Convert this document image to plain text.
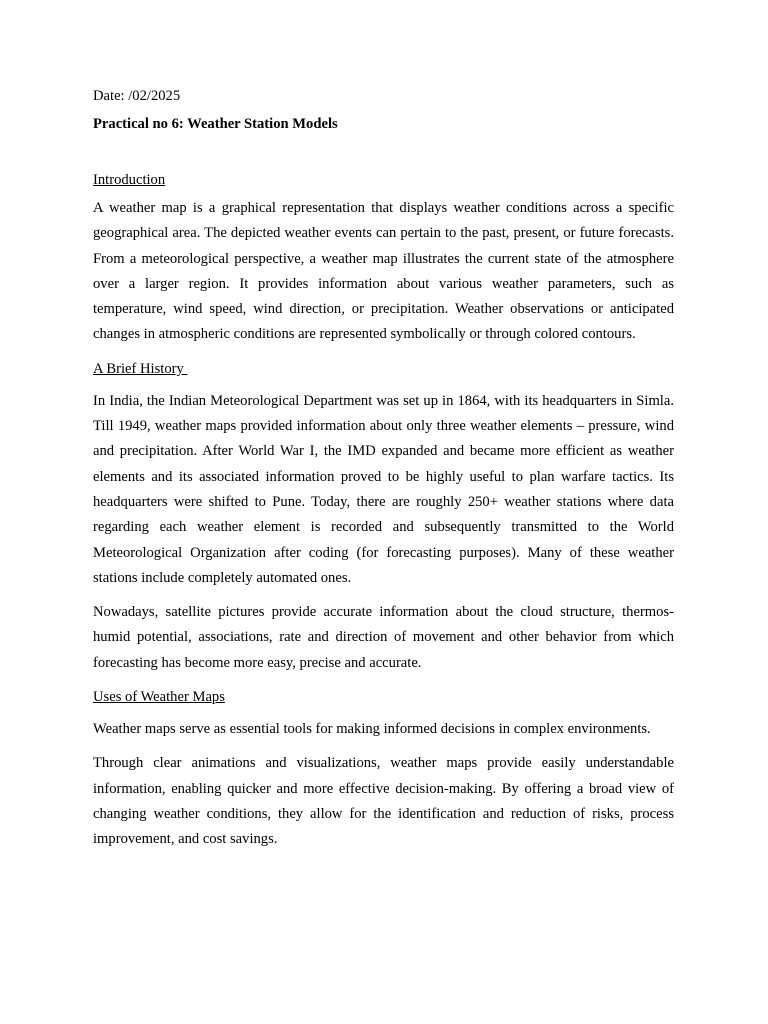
Date: /02/2025

Practical no 6: Weather Station Models

Introduction

A weather map is a graphical representation that displays weather conditions across a specific geographical area. The depicted weather events can pertain to the past, present, or future forecasts. From a meteorological perspective, a weather map illustrates the current state of the atmosphere over a larger region. It provides information about various weather parameters, such as temperature, wind speed, wind direction, or precipitation. Weather observations or anticipated changes in atmospheric conditions are represented symbolically or through colored contours.

A Brief History

In India, the Indian Meteorological Department was set up in 1864, with its headquarters in Simla. Till 1949, weather maps provided information about only three weather elements – pressure, wind and precipitation. After World War I, the IMD expanded and became more efficient as weather elements and its associated information proved to be highly useful to plan warfare tactics. Its headquarters were shifted to Pune. Today, there are roughly 250+ weather stations where data regarding each weather element is recorded and subsequently transmitted to the World Meteorological Organization after coding (for forecasting purposes). Many of these weather stations include completely automated ones.

Nowadays, satellite pictures provide accurate information about the cloud structure, thermos-humid potential, associations, rate and direction of movement and other behavior from which forecasting has become more easy, precise and accurate.

Uses of Weather Maps

Weather maps serve as essential tools for making informed decisions in complex environments.

Through clear animations and visualizations, weather maps provide easily understandable information, enabling quicker and more effective decision-making. By offering a broad view of changing weather conditions, they allow for the identification and reduction of risks, process improvement, and cost savings.
